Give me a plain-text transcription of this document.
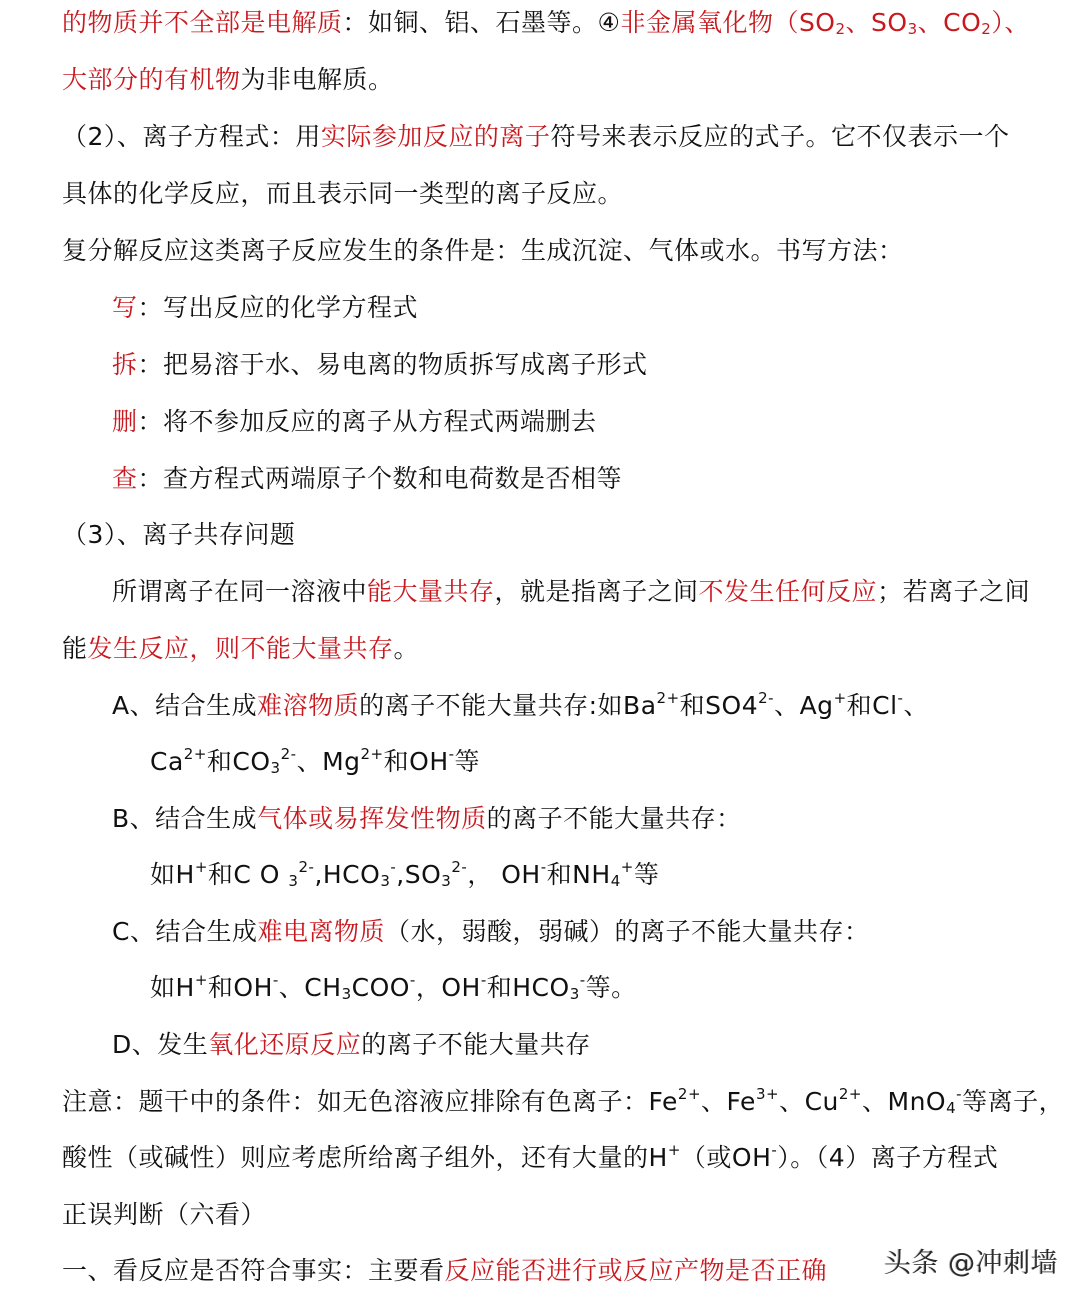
的物质并不全部是电解质：如铜、铝、石墨等。④非金属氧化物（$SO_2$、$SO_3$、$CO_2$）、
大部分的有机物为非电解质。
（2）、离子方程式：用实际参加反应的离子符号来表示反应的式子。它不仅表示一个
具体的化学反应，而且表示同一类型的离子反应。
复分解反应这类离子反应发生的条件是：生成沉淀、气体或水。书写方法：
写：写出反应的化学方程式
拆：把易溶于水、易电离的物质拆写成离子形式
删：将不参加反应的离子从方程式两端删去
查：查方程式两端原子个数和电荷数是否相等
（3）、离子共存问题
所谓离子在同一溶液中能大量共存，就是指离子之间不发生任何反应；若离子之间
能发生反应，则不能大量共存。
A、结合生成难溶物质的离子不能大量共存:如$Ba^{2+}$和$SO4^{2-}$、Ag+和Cl-、
$Ca^{2+}$和$CO_3^{2-}$、$Mg^{2+}$和OH-等
B、结合生成气体或易挥发性物质的离子不能大量共存：
如H+和C O $_3^{2-},HCO_3^-,SO_3^{2-}$， OH-和$NH_4^+$等
C、结合生成难电离物质（水，弱酸，弱碱）的离子不能大量共存：
如H+和OH-、$CH_3COO^-$，OH-和$HCO_3^-$等。
D、发生氧化还原反应的离子不能大量共存
注意：题干中的条件：如无色溶液应排除有色离子：$Fe^{2+}$、$Fe^{3+}$、$Cu^{2+}$、MnO$_4$-等离子，
酸性（或碱性）则应考虑所给离子组外，还有大量的H+（或OH-）。（4）离子方程式
正误判断（六看）
一、看反应是否符合事实：主要看反应能否进行或反应产物是否正确 头条 @冲刺墙
